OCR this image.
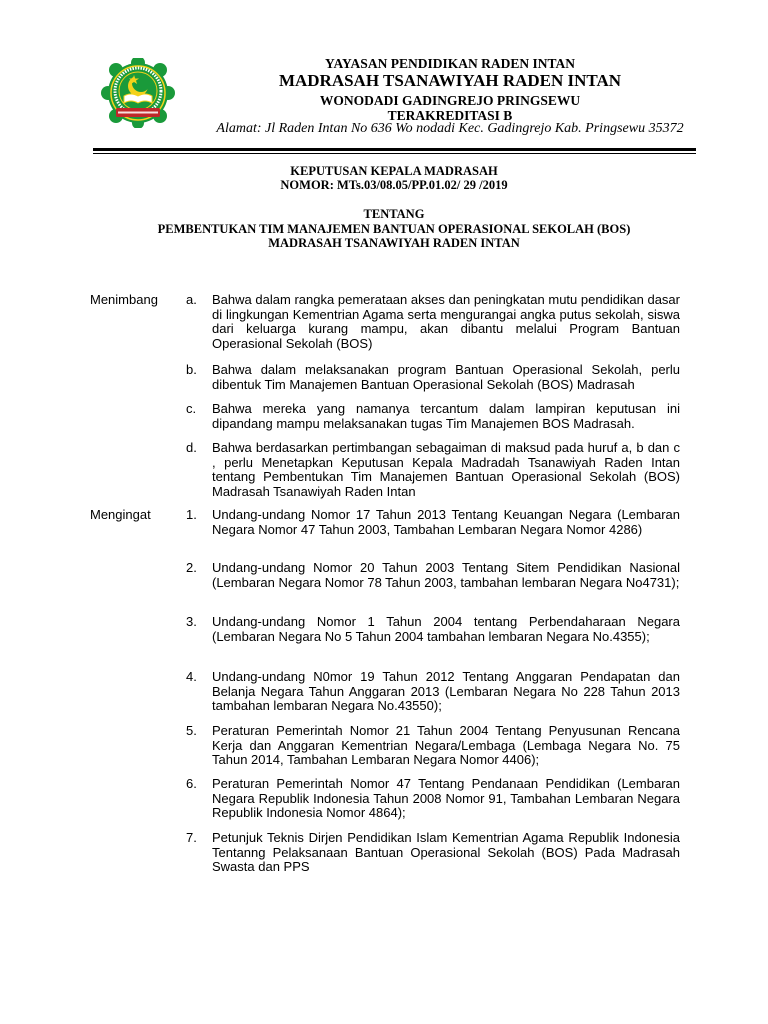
YAYASAN PENDIDIKAN RADEN INTAN
MADRASAH TSANAWIYAH RADEN INTAN
WONODADI GADINGREJO PRINGSEWU
TERAKREDITASI B
Alamat: Jl Raden Intan No 636 Wo nodadi Kec. Gadingrejo Kab. Pringsewu 35372
KEPUTUSAN KEPALA MADRASAH
NOMOR: MTs.03/08.05/PP.01.02/ 29 /2019
TENTANG
PEMBENTUKAN TIM MANAJEMEN BANTUAN OPERASIONAL SEKOLAH (BOS)
MADRASAH TSANAWIYAH RADEN INTAN
Menimbang a. Bahwa dalam rangka pemerataan akses dan peningkatan mutu pendidikan dasar di lingkungan Kementrian Agama serta mengurangai angka putus sekolah, siswa dari keluarga kurang mampu, akan dibantu melalui Program Bantuan Operasional Sekolah (BOS)
b. Bahwa dalam melaksanakan program Bantuan Operasional Sekolah, perlu dibentuk Tim Manajemen Bantuan Operasional Sekolah (BOS) Madrasah
c. Bahwa mereka yang namanya tercantum dalam lampiran keputusan ini dipandang mampu melaksanakan tugas Tim Manajemen BOS Madrasah.
d. Bahwa berdasarkan pertimbangan sebagaiman di maksud pada huruf a, b dan c , perlu Menetapkan Keputusan Kepala Madradah Tsanawiyah Raden Intan tentang Pembentukan Tim Manajemen Bantuan Operasional Sekolah (BOS) Madrasah Tsanawiyah Raden Intan
Mengingat	1. Undang-undang Nomor 17 Tahun 2013 Tentang Keuangan Negara (Lembaran Negara Nomor 47 Tahun 2003, Tambahan Lembaran Negara Nomor 4286)
2. Undang-undang Nomor 20 Tahun 2003 Tentang Sitem Pendidikan Nasional (Lembaran Negara Nomor 78 Tahun 2003, tambahan lembaran Negara No4731);
3. Undang-undang Nomor 1 Tahun 2004 tentang Perbendaharaan Negara (Lembaran Negara No 5 Tahun 2004 tambahan lembaran Negara No.4355);
4. Undang-undang N0mor 19 Tahun 2012 Tentang Anggaran Pendapatan dan Belanja Negara Tahun Anggaran 2013 (Lembaran Negara No 228 Tahun 2013 tambahan lembaran Negara No.43550);
5. Peraturan Pemerintah Nomor 21 Tahun 2004 Tentang Penyusunan Rencana Kerja dan Anggaran Kementrian Negara/Lembaga (Lembaga Negara No. 75 Tahun 2014, Tambahan Lembaran Negara Nomor 4406);
6. Peraturan Pemerintah Nomor 47 Tentang Pendanaan Pendidikan (Lembaran Negara Republik Indonesia Tahun 2008 Nomor 91, Tambahan Lembaran Negara Republik Indonesia Nomor 4864);
7. Petunjuk Teknis Dirjen Pendidikan Islam Kementrian Agama Republik Indonesia Tentanng Pelaksanaan Bantuan Operasional Sekolah (BOS) Pada Madrasah Swasta dan PPS
